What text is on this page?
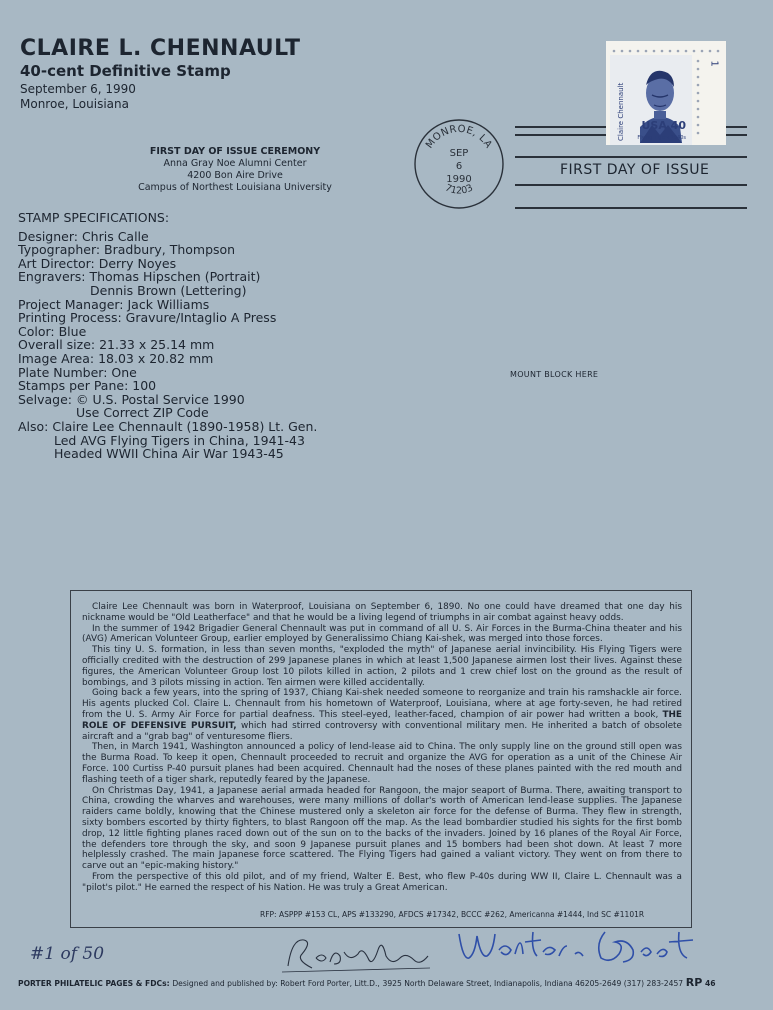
CLAIRE L. CHENNAULT
40-cent Definitive Stamp
September 6, 1990
Monroe, Louisiana
FIRST DAY OF ISSUE CEREMONY
Anna Gray Noe Alumni Center
4200 Bon Aire Drive
Campus of Northest Louisiana University
MONROE, LA
SEP
6
1990
71203
FIRST DAY OF ISSUE
USA 40
Flying Tigers 1940s
Claire Chennault
1
MOUNT BLOCK HERE
STAMP SPECIFICATIONS:
Designer: Chris Calle
Typographer: Bradbury, Thompson
Art Director: Derry Noyes
Engravers: Thomas Hipschen (Portrait)
Dennis Brown (Lettering)
Project Manager: Jack Williams
Printing Process: Gravure/Intaglio A Press
Color: Blue
Overall size: 21.33 x 25.14 mm
Image Area: 18.03 x 20.82 mm
Plate Number: One
Stamps per Pane: 100
Selvage: © U.S. Postal Service 1990
Use Correct ZIP Code
Also: Claire Lee Chennault (1890-1958) Lt. Gen.
Led AVG Flying Tigers in China, 1941-43
Headed WWII China Air War 1943-45

Claire Lee Chennault was born in Waterproof, Louisiana on September 6, 1890. No one could have dreamed that one day his nickname would be "Old Leatherface" and that he would be a living legend of triumphs in air combat against heavy odds.

In the summer of 1942 Brigadier General Chennault was put in command of all U. S. Air Forces in the Burma-China theater and his (AVG) American Volunteer Group, earlier employed by Generalissimo Chiang Kai-shek, was merged into those forces.

This tiny U. S. formation, in less than seven months, "exploded the myth" of Japanese aerial invincibility. His Flying Tigers were officially credited with the destruction of 299 Japanese planes in which at least 1,500 Japanese airmen lost their lives. Against these figures, the American Volunteer Group lost 10 pilots killed in action, 2 pilots and 1 crew chief lost on the ground as the result of bombings, and 3 pilots missing in action. Ten airmen were killed accidentally.

Going back a few years, into the spring of 1937, Chiang Kai-shek needed someone to reorganize and train his ramshackle air force. His agents plucked Col. Claire L. Chennault from his hometown of Waterproof, Louisiana, where at age forty-seven, he had retired from the U. S. Army Air Force for partial deafness. This steel-eyed, leather-faced, champion of air power had written a book, THE ROLE OF DEFENSIVE PURSUIT, which had stirred controversy with conventional military men. He inherited a batch of obsolete aircraft and a "grab bag" of venturesome fliers.

Then, in March 1941, Washington announced a policy of lend-lease aid to China. The only supply line on the ground still open was the Burma Road. To keep it open, Chennault proceeded to recruit and organize the AVG for operation as a unit of the Chinese Air Force. 100 Curtiss P-40 pursuit planes had been acquired. Chennault had the noses of these planes painted with the red mouth and flashing teeth of a tiger shark, reputedly feared by the Japanese.

On Christmas Day, 1941, a Japanese aerial armada headed for Rangoon, the major seaport of Burma. There, awaiting transport to China, crowding the wharves and warehouses, were many millions of dollar's worth of American lend-lease supplies. The Japanese raiders came boldly, knowing that the Chinese mustered only a skeleton air force for the defense of Burma. They flew in strength, sixty bombers escorted by thirty fighters, to blast Rangoon off the map. As the lead bombardier studied his sights for the first bomb drop, 12 little fighting planes raced down out of the sun on to the backs of the invaders. Joined by 16 planes of the Royal Air Force, the defenders tore through the sky, and soon 9 Japanese pursuit planes and 15 bombers had been shot down. At least 7 more helplessly crashed. The main Japanese force scattered. The Flying Tigers had gained a valiant victory. They went on from there to carve out an "epic-making history."

From the perspective of this old pilot, and of my friend, Walter E. Best, who flew P-40s during WW II, Claire L. Chennault was a "pilot's pilot." He earned the respect of his Nation. He was truly a Great American.

RFP: ASPPP #153 CL, APS #133290, AFDCS #17342, BCCC #262, Americanna #1444, Ind SC #1101R
#1 of 50
PORTER PHILATELIC PAGES & FDCs: Designed and published by: Robert Ford Porter, Litt.D., 3925 North Delaware Street, Indianapolis, Indiana 46205-2649 (317) 283-2457 RP 46
